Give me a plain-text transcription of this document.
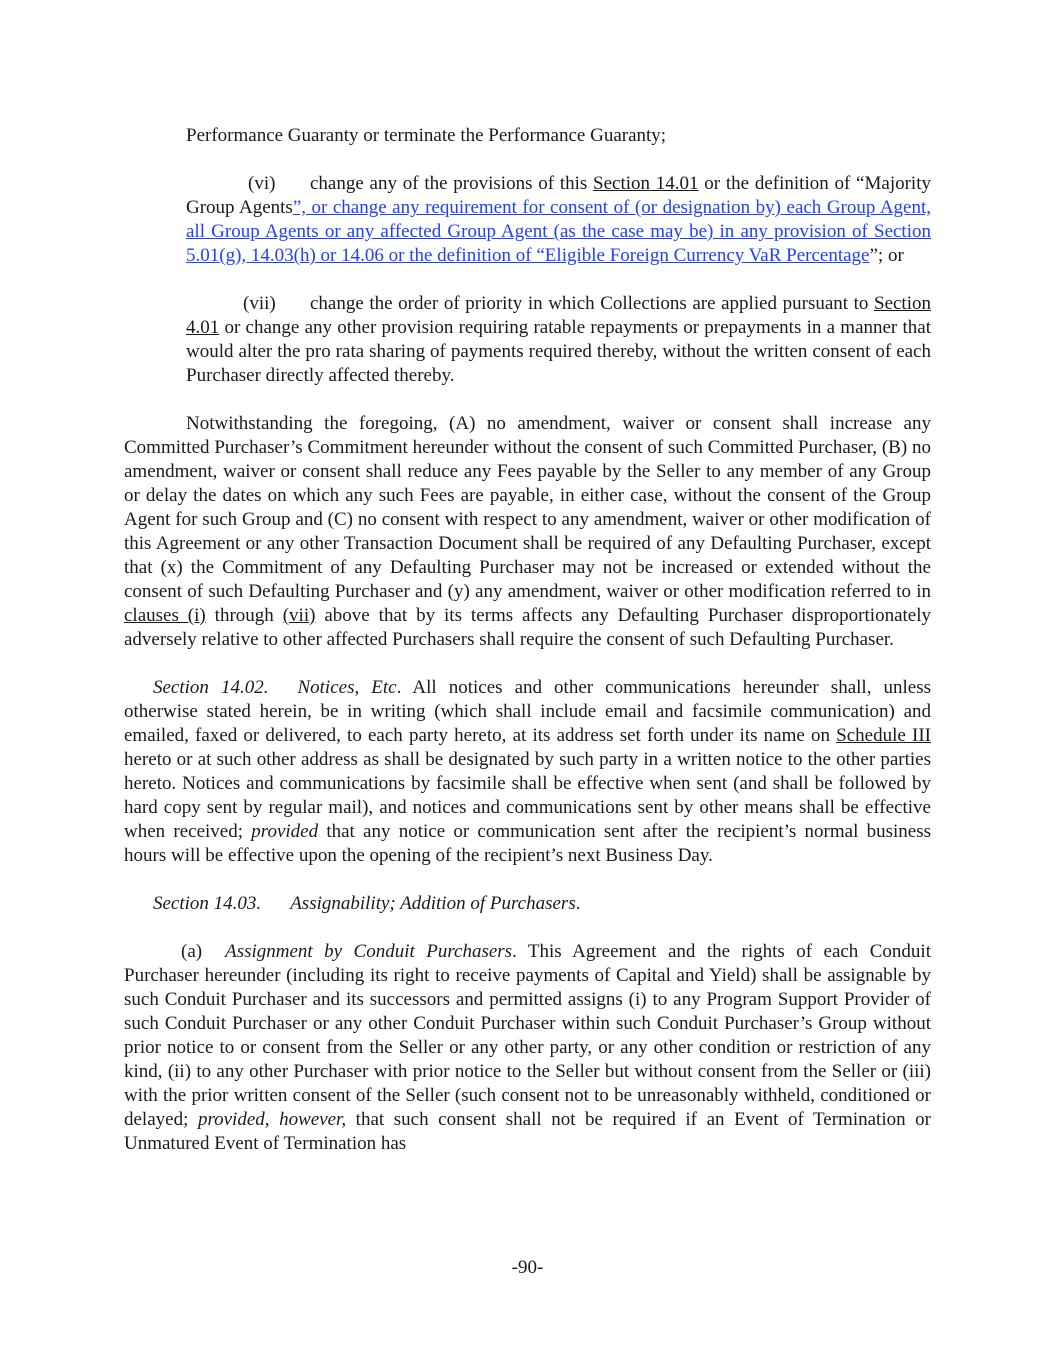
Performance Guaranty or terminate the Performance Guaranty;

(vi) change any of the provisions of this Section 14.01 or the definition of “Majority Group Agents”, or change any requirement for consent of (or designation by) each Group Agent, all Group Agents or any affected Group Agent (as the case may be) in any provision of Section 5.01(g), 14.03(h) or 14.06 or the definition of “Eligible Foreign Currency VaR Percentage”; or

(vii) change the order of priority in which Collections are applied pursuant to Section 4.01 or change any other provision requiring ratable repayments or prepayments in a manner that would alter the pro rata sharing of payments required thereby, without the written consent of each Purchaser directly affected thereby.

Notwithstanding the foregoing, (A) no amendment, waiver or consent shall increase any Committed Purchaser’s Commitment hereunder without the consent of such Committed Purchaser, (B) no amendment, waiver or consent shall reduce any Fees payable by the Seller to any member of any Group or delay the dates on which any such Fees are payable, in either case, without the consent of the Group Agent for such Group and (C) no consent with respect to any amendment, waiver or other modification of this Agreement or any other Transaction Document shall be required of any Defaulting Purchaser, except that (x) the Commitment of any Defaulting Purchaser may not be increased or extended without the consent of such Defaulting Purchaser and (y) any amendment, waiver or other modification referred to in clauses (i) through (vii) above that by its terms affects any Defaulting Purchaser disproportionately adversely relative to other affected Purchasers shall require the consent of such Defaulting Purchaser.

Section 14.02. Notices, Etc. All notices and other communications hereunder shall, unless otherwise stated herein, be in writing (which shall include email and facsimile communication) and emailed, faxed or delivered, to each party hereto, at its address set forth under its name on Schedule III hereto or at such other address as shall be designated by such party in a written notice to the other parties hereto. Notices and communications by facsimile shall be effective when sent (and shall be followed by hard copy sent by regular mail), and notices and communications sent by other means shall be effective when received; provided that any notice or communication sent after the recipient’s normal business hours will be effective upon the opening of the recipient’s next Business Day.

Section 14.03. Assignability; Addition of Purchasers.

(a) Assignment by Conduit Purchasers. This Agreement and the rights of each Conduit Purchaser hereunder (including its right to receive payments of Capital and Yield) shall be assignable by such Conduit Purchaser and its successors and permitted assigns (i) to any Program Support Provider of such Conduit Purchaser or any other Conduit Purchaser within such Conduit Purchaser’s Group without prior notice to or consent from the Seller or any other party, or any other condition or restriction of any kind, (ii) to any other Purchaser with prior notice to the Seller but without consent from the Seller or (iii) with the prior written consent of the Seller (such consent not to be unreasonably withheld, conditioned or delayed; provided, however, that such consent shall not be required if an Event of Termination or Unmatured Event of Termination has

-90-
